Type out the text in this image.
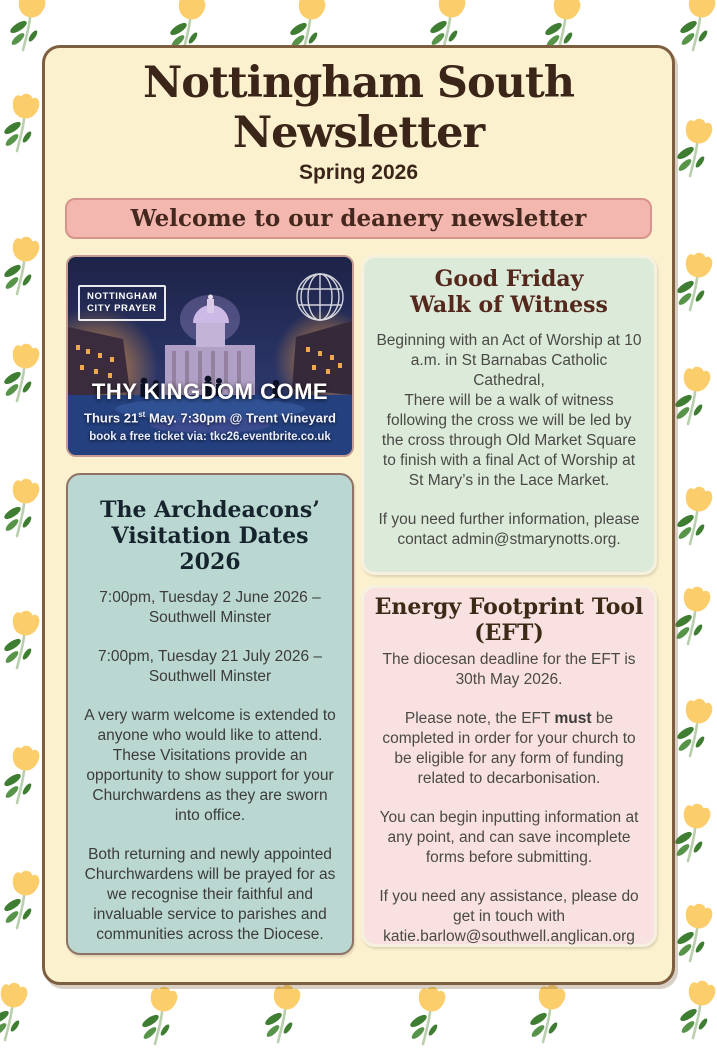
Nottingham South
Newsletter
Spring 2026
Welcome to our deanery newsletter
NOTTINGHAM
CITY PRAYER
THY KINGDOM COME
Thurs 21st May. 7:30pm @ Trent Vineyard
book a free ticket via: tkc26.eventbrite.co.uk
The Archdeacons’
Visitation Dates 2026

7:00pm, Tuesday 2 June 2026 – Southwell Minster

7:00pm, Tuesday 21 July 2026 – Southwell Minster

A very warm welcome is extended to anyone who would like to attend. These Visitations provide an opportunity to show support for your Churchwardens as they are sworn into office.

Both returning and newly appointed Churchwardens will be prayed for as we recognise their faithful and invaluable service to parishes and communities across the Diocese.

Good Friday
Walk of Witness

Beginning with an Act of Worship at 10 a.m. in St Barnabas Catholic Cathedral,

There will be a walk of witness following the cross we will be led by the cross through Old Market Square to finish with a final Act of Worship at St Mary’s in the Lace Market.

If you need further information, please contact admin@stmarynotts.org.

Energy Footprint Tool
(EFT)

The diocesan deadline for the EFT is 30th May 2026.

Please note, the EFT must be completed in order for your church to be eligible for any form of funding related to decarbonisation.

You can begin inputting information at any point, and can save incomplete forms before submitting.

If you need any assistance, please do get in touch with katie.barlow@southwell.anglican.org
